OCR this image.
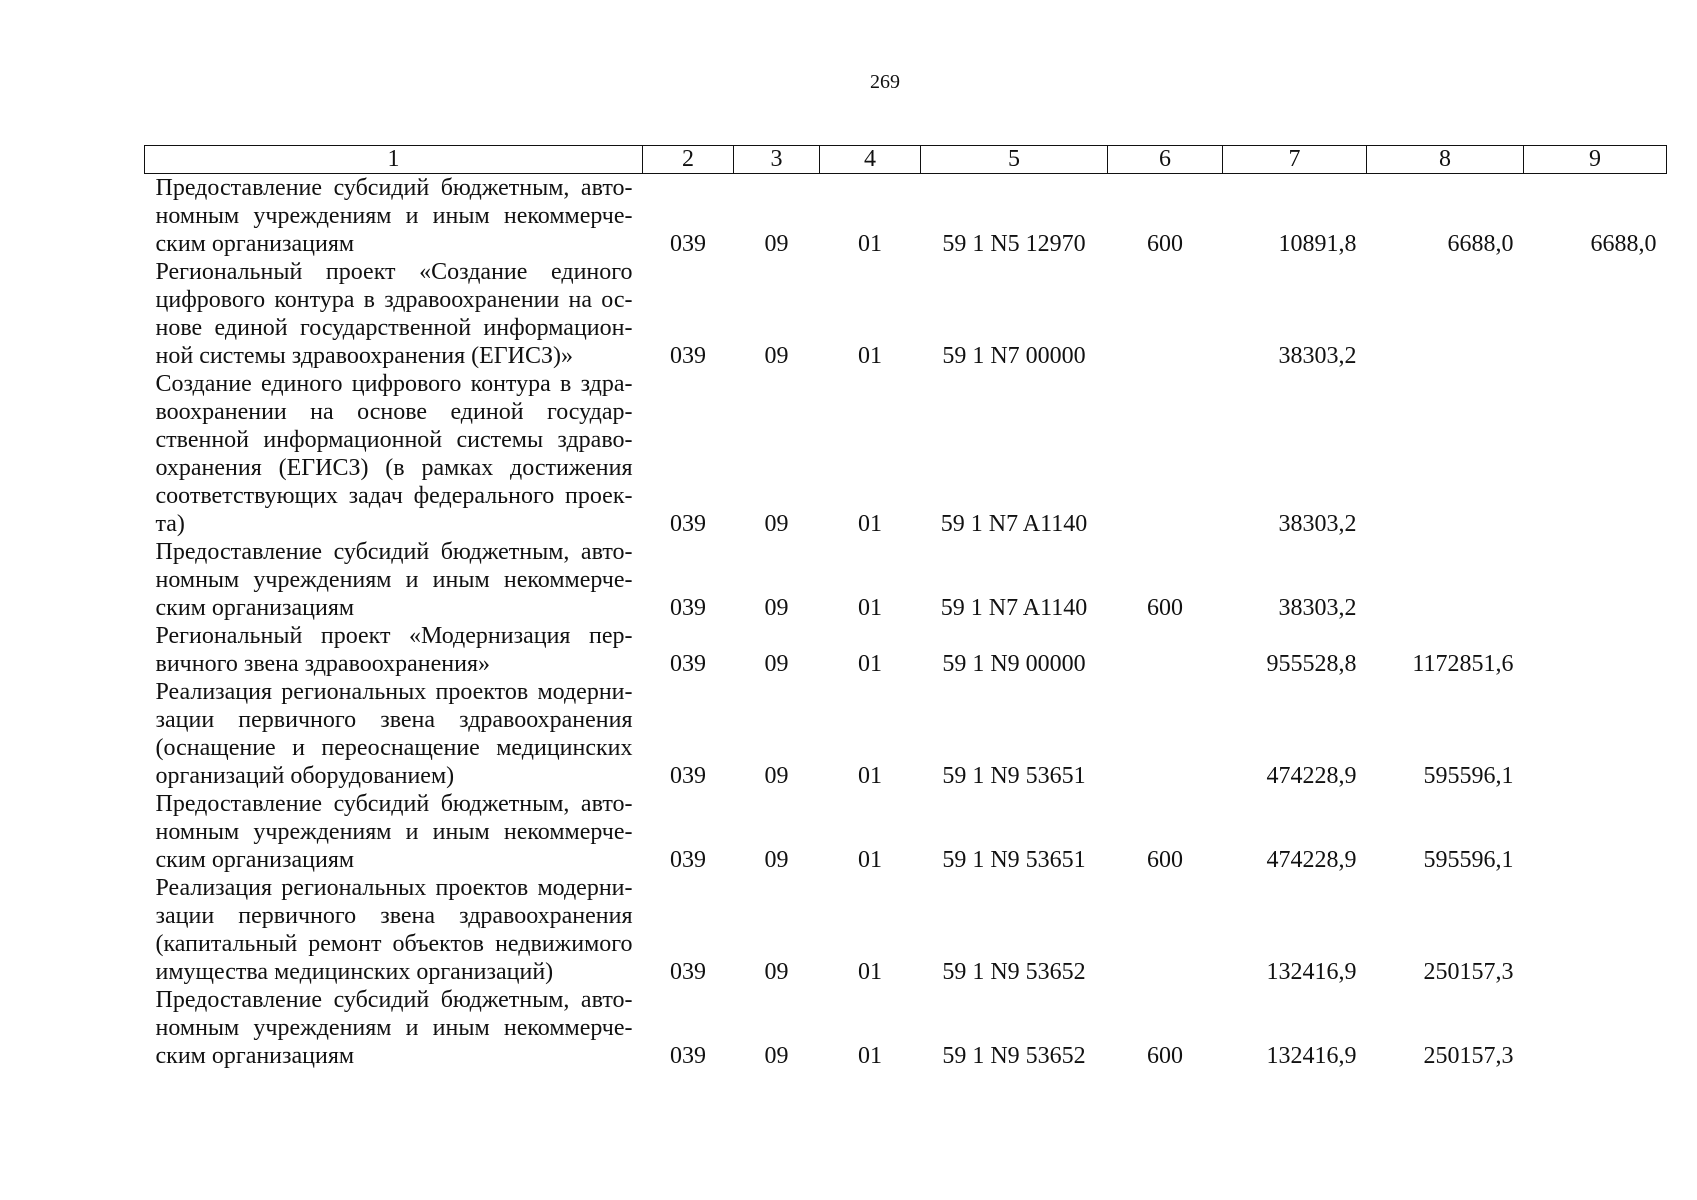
269
1	2	3	4	5	6	7	8	9
Предоставление субсидий бюджетным, автономным учреждениям и иным некоммерческим организациям	039	09	01	59 1 N5 12970	600	10891,8	6688,0	6688,0
Региональный проект «Создание единого цифрового контура в здравоохранении на основе единой государственной информационной системы здравоохранения (ЕГИСЗ)»	039	09	01	59 1 N7 00000		38303,2		
Создание единого цифрового контура в здравоохранении на основе единой государственной информационной системы здравоохранения (ЕГИСЗ) (в рамках достижения соответствующих задач федерального проекта)	039	09	01	59 1 N7 A1140		38303,2		
Предоставление субсидий бюджетным, автономным учреждениям и иным некоммерческим организациям	039	09	01	59 1 N7 A1140	600	38303,2		
Региональный проект «Модернизация первичного звена здравоохранения»	039	09	01	59 1 N9 00000		955528,8	1172851,6	
Реализация региональных проектов модернизации первичного звена здравоохранения (оснащение и переоснащение медицинских организаций оборудованием)	039	09	01	59 1 N9 53651		474228,9	595596,1	
Предоставление субсидий бюджетным, автономным учреждениям и иным некоммерческим организациям	039	09	01	59 1 N9 53651	600	474228,9	595596,1	
Реализация региональных проектов модернизации первичного звена здравоохранения (капитальный ремонт объектов недвижимого имущества медицинских организаций)	039	09	01	59 1 N9 53652		132416,9	250157,3	
Предоставление субсидий бюджетным, автономным учреждениям и иным некоммерческим организациям	039	09	01	59 1 N9 53652	600	132416,9	250157,3	
